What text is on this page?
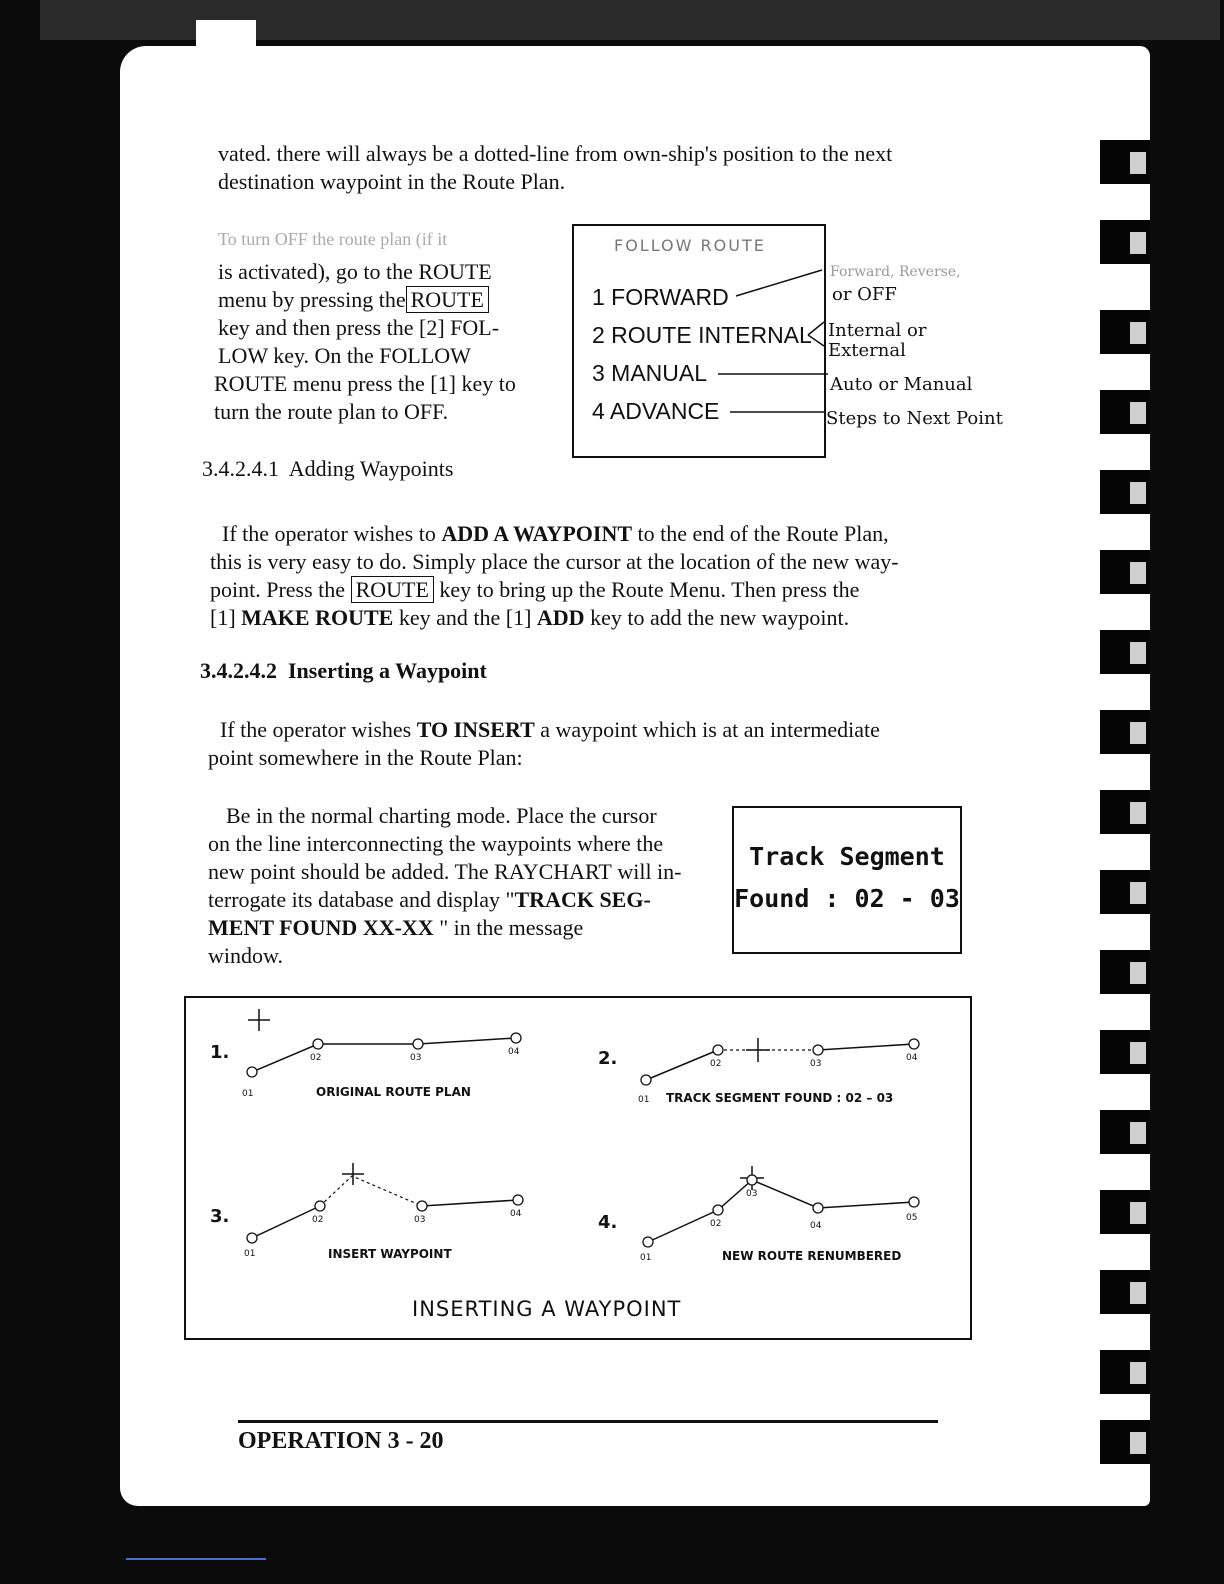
vated. there will always be a dotted-line from own-ship's position to the next

destination waypoint in the Route Plan.

To turn OFF the route plan (if it

is activated), go to the ROUTE

menu by pressing the ROUTE

key and then press the [2] FOL-

LOW key. On the FOLLOW

ROUTE menu press the [1] key to

turn the route plan to OFF.

FOLLOW ROUTE
1 FORWARD
2 ROUTE INTERNAL
3 MANUAL
4 ADVANCE
Forward, Reverse,
or OFF
Internal or
External
Auto or Manual
Steps to Next Point

3.4.2.4.1 Adding Waypoints

If the operator wishes to ADD A WAYPOINT to the end of the Route Plan,

this is very easy to do. Simply place the cursor at the location of the new way-

point. Press the ROUTE key to bring up the Route Menu. Then press the

[1] MAKE ROUTE key and the [1] ADD key to add the new waypoint.

3.4.2.4.2 Inserting a Waypoint

If the operator wishes TO INSERT a waypoint which is at an intermediate

point somewhere in the Route Plan:

Be in the normal charting mode. Place the cursor

on the line interconnecting the waypoints where the

new point should be added. The RAYCHART will in-

terrogate its database and display "TRACK SEG-

MENT FOUND XX-XX " in the message

window.

Track Segment
Found : 02 - 03
1.
01
02	03
04
ORIGINAL ROUTE PLAN
2.
01
02	03
04
TRACK SEGMENT FOUND : 02 – 03
3.
01
02	03
04
INSERT WAYPOINT
4.
01
02
03
04
05
NEW ROUTE RENUMBERED
INSERTING A WAYPOINT
OPERATION 3 - 20
